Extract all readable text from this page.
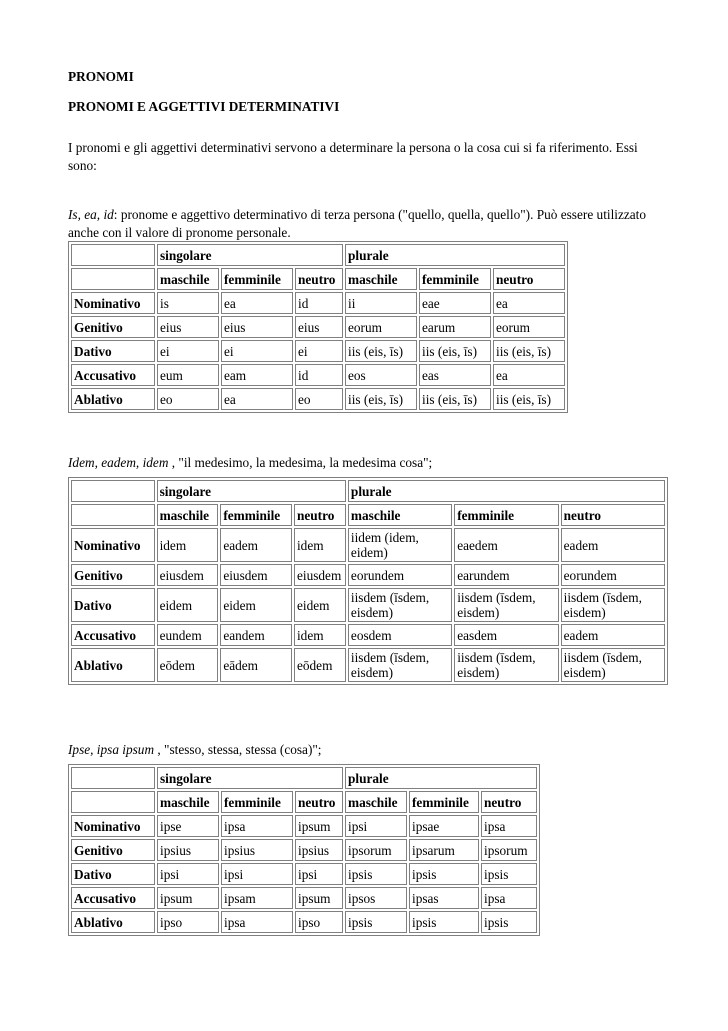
PRONOMI
PRONOMI E AGGETTIVI DETERMINATIVI
I pronomi e gli aggettivi determinativi servono a determinare la persona o la cosa cui si fa riferimento. Essi sono:
Is, ea, id: pronome e aggettivo determinativo di terza persona ("quello, quella, quello"). Può essere utilizzato anche con il valore di pronome personale.
	singolare			plurale		
	maschile	femminile	neutro	maschile	femminile	neutro
Nominativo	is	ea	id	ii	eae	ea
Genitivo	eius	eius	eius	eorum	earum	eorum
Dativo	ei	ei	ei	iis (eis, īs)	iis (eis, īs)	iis (eis, īs)
Accusativo	eum	eam	id	eos	eas	ea
Ablativo	eo	ea	eo	iis (eis, īs)	iis (eis, īs)	iis (eis, īs)
Idem, eadem, idem , "il medesimo, la medesima, la medesima cosa";
	singolare			plurale		
	maschile	femminile	neutro	maschile	femminile	neutro
Nominativo	idem	eadem	idem	iidem (idem, eidem)	eaedem	eadem
Genitivo	eiusdem	eiusdem	eiusdem	eorundem	earundem	eorundem
Dativo	eidem	eidem	eidem	iisdem (īsdem, eisdem)	iisdem (īsdem, eisdem)	iisdem (īsdem, eisdem)
Accusativo	eundem	eandem	idem	eosdem	easdem	eadem
Ablativo	eōdem	eādem	eōdem	iisdem (īsdem, eisdem)	iisdem (īsdem, eisdem)	iisdem (īsdem, eisdem)
Ipse, ipsa ipsum , "stesso, stessa, stessa (cosa)";
	singolare			plurale		
	maschile	femminile	neutro	maschile	femminile	neutro
Nominativo	ipse	ipsa	ipsum	ipsi	ipsae	ipsa
Genitivo	ipsius	ipsius	ipsius	ipsorum	ipsarum	ipsorum
Dativo	ipsi	ipsi	ipsi	ipsis	ipsis	ipsis
Accusativo	ipsum	ipsam	ipsum	ipsos	ipsas	ipsa
Ablativo	ipso	ipsa	ipso	ipsis	ipsis	ipsis
